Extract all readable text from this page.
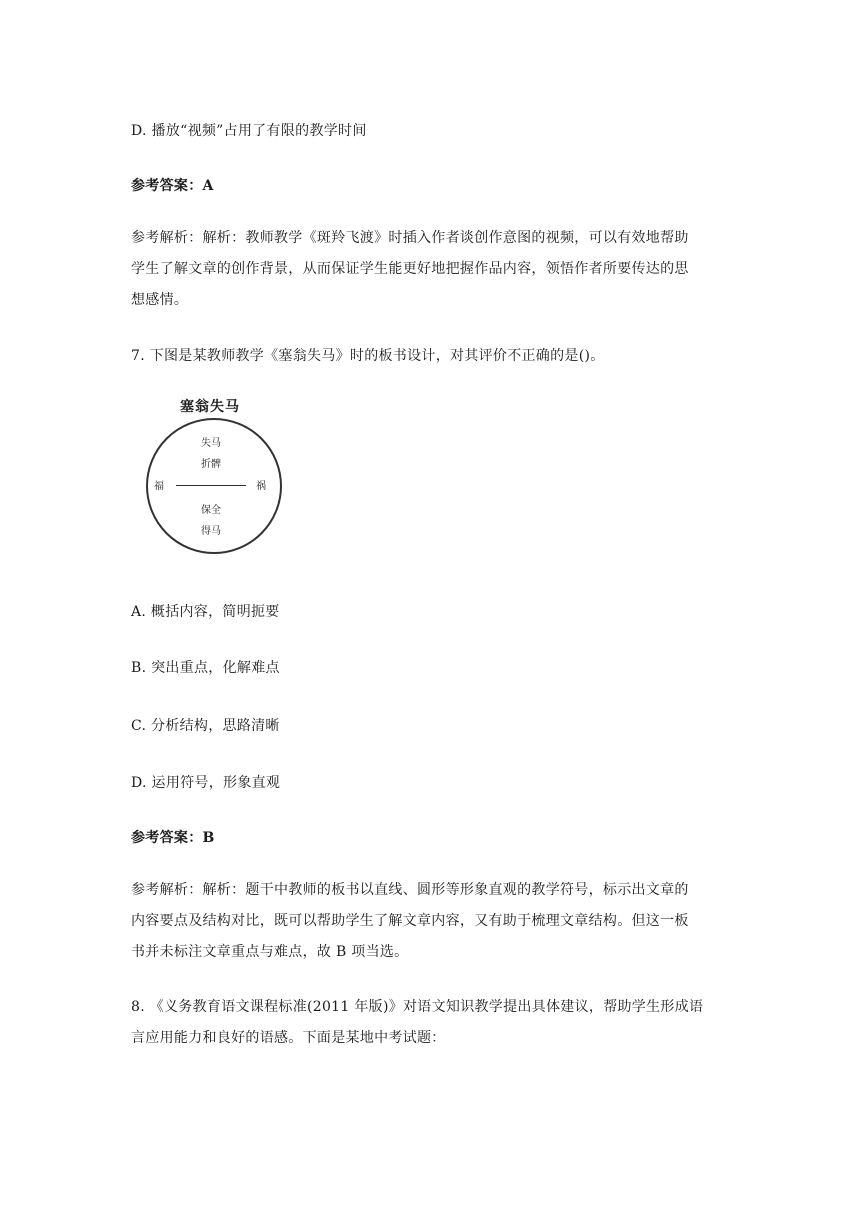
D. 播放“视频”占用了有限的教学时间

参考答案：A

参考解析：解析：教师教学《斑羚飞渡》时插入作者谈创作意图的视频，可以有效地帮助

学生了解文章的创作背景，从而保证学生能更好地把握作品内容，领悟作者所要传达的思

想感情。

7. 下图是某教师教学《塞翁失马》时的板书设计，对其评价不正确的是()。

塞翁失马
失马
折髀
福	祸
保全
得马

A. 概括内容，简明扼要

B. 突出重点，化解难点

C. 分析结构，思路清晰

D. 运用符号，形象直观

参考答案：B

参考解析：解析：题干中教师的板书以直线、圆形等形象直观的教学符号，标示出文章的

内容要点及结构对比，既可以帮助学生了解文章内容，又有助于梳理文章结构。但这一板

书并未标注文章重点与难点，故 B 项当选。

8. 《义务教育语文课程标准(2011 年版)》对语文知识教学提出具体建议，帮助学生形成语

言应用能力和良好的语感。下面是某地中考试题：
